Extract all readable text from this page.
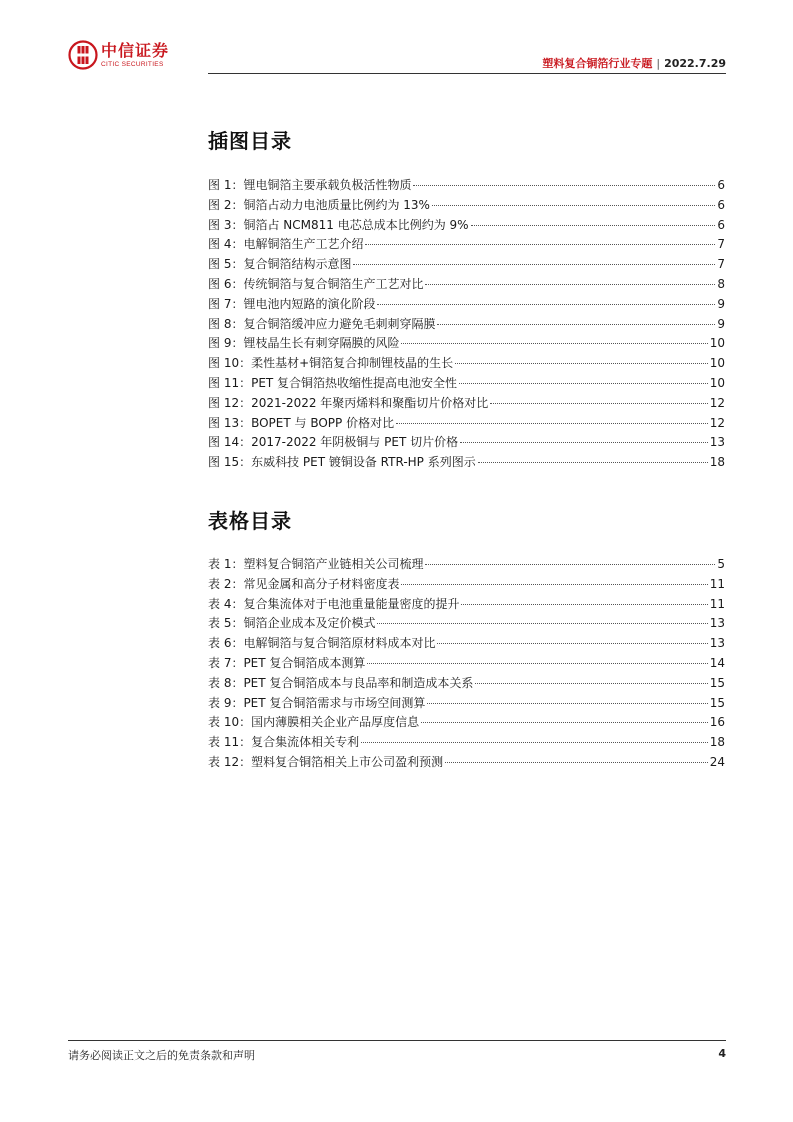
中信证券
CITIC SECURITIES	塑料复合铜箔行业专题 | 2022.7.29
插图目录
图 1：锂电铜箔主要承载负极活性物质	6
图 2：铜箔占动力电池质量比例约为 13%	6
图 3：铜箔占 NCM811 电芯总成本比例约为 9%	6
图 4：电解铜箔生产工艺介绍	7
图 5：复合铜箔结构示意图	7
图 6：传统铜箔与复合铜箔生产工艺对比	8
图 7：锂电池内短路的演化阶段	9
图 8：复合铜箔缓冲应力避免毛刺刺穿隔膜	9
图 9：锂枝晶生长有刺穿隔膜的风险	10
图 10：柔性基材+铜箔复合抑制锂枝晶的生长	10
图 11：PET 复合铜箔热收缩性提高电池安全性	10
图 12：2021-2022 年聚丙烯料和聚酯切片价格对比	12
图 13：BOPET 与 BOPP 价格对比	12
图 14：2017-2022 年阴极铜与 PET 切片价格	13
图 15：东威科技 PET 镀铜设备 RTR-HP 系列图示	18
表格目录
表 1：塑料复合铜箔产业链相关公司梳理	5
表 2：常见金属和高分子材料密度表	11
表 4：复合集流体对于电池重量能量密度的提升	11
表 5：铜箔企业成本及定价模式	13
表 6：电解铜箔与复合铜箔原材料成本对比	13
表 7：PET 复合铜箔成本测算	14
表 8：PET 复合铜箔成本与良品率和制造成本关系	15
表 9：PET 复合铜箔需求与市场空间测算	15
表 10：国内薄膜相关企业产品厚度信息	16
表 11：复合集流体相关专利	18
表 12：塑料复合铜箔相关上市公司盈利预测	24
请务必阅读正文之后的免责条款和声明	4
